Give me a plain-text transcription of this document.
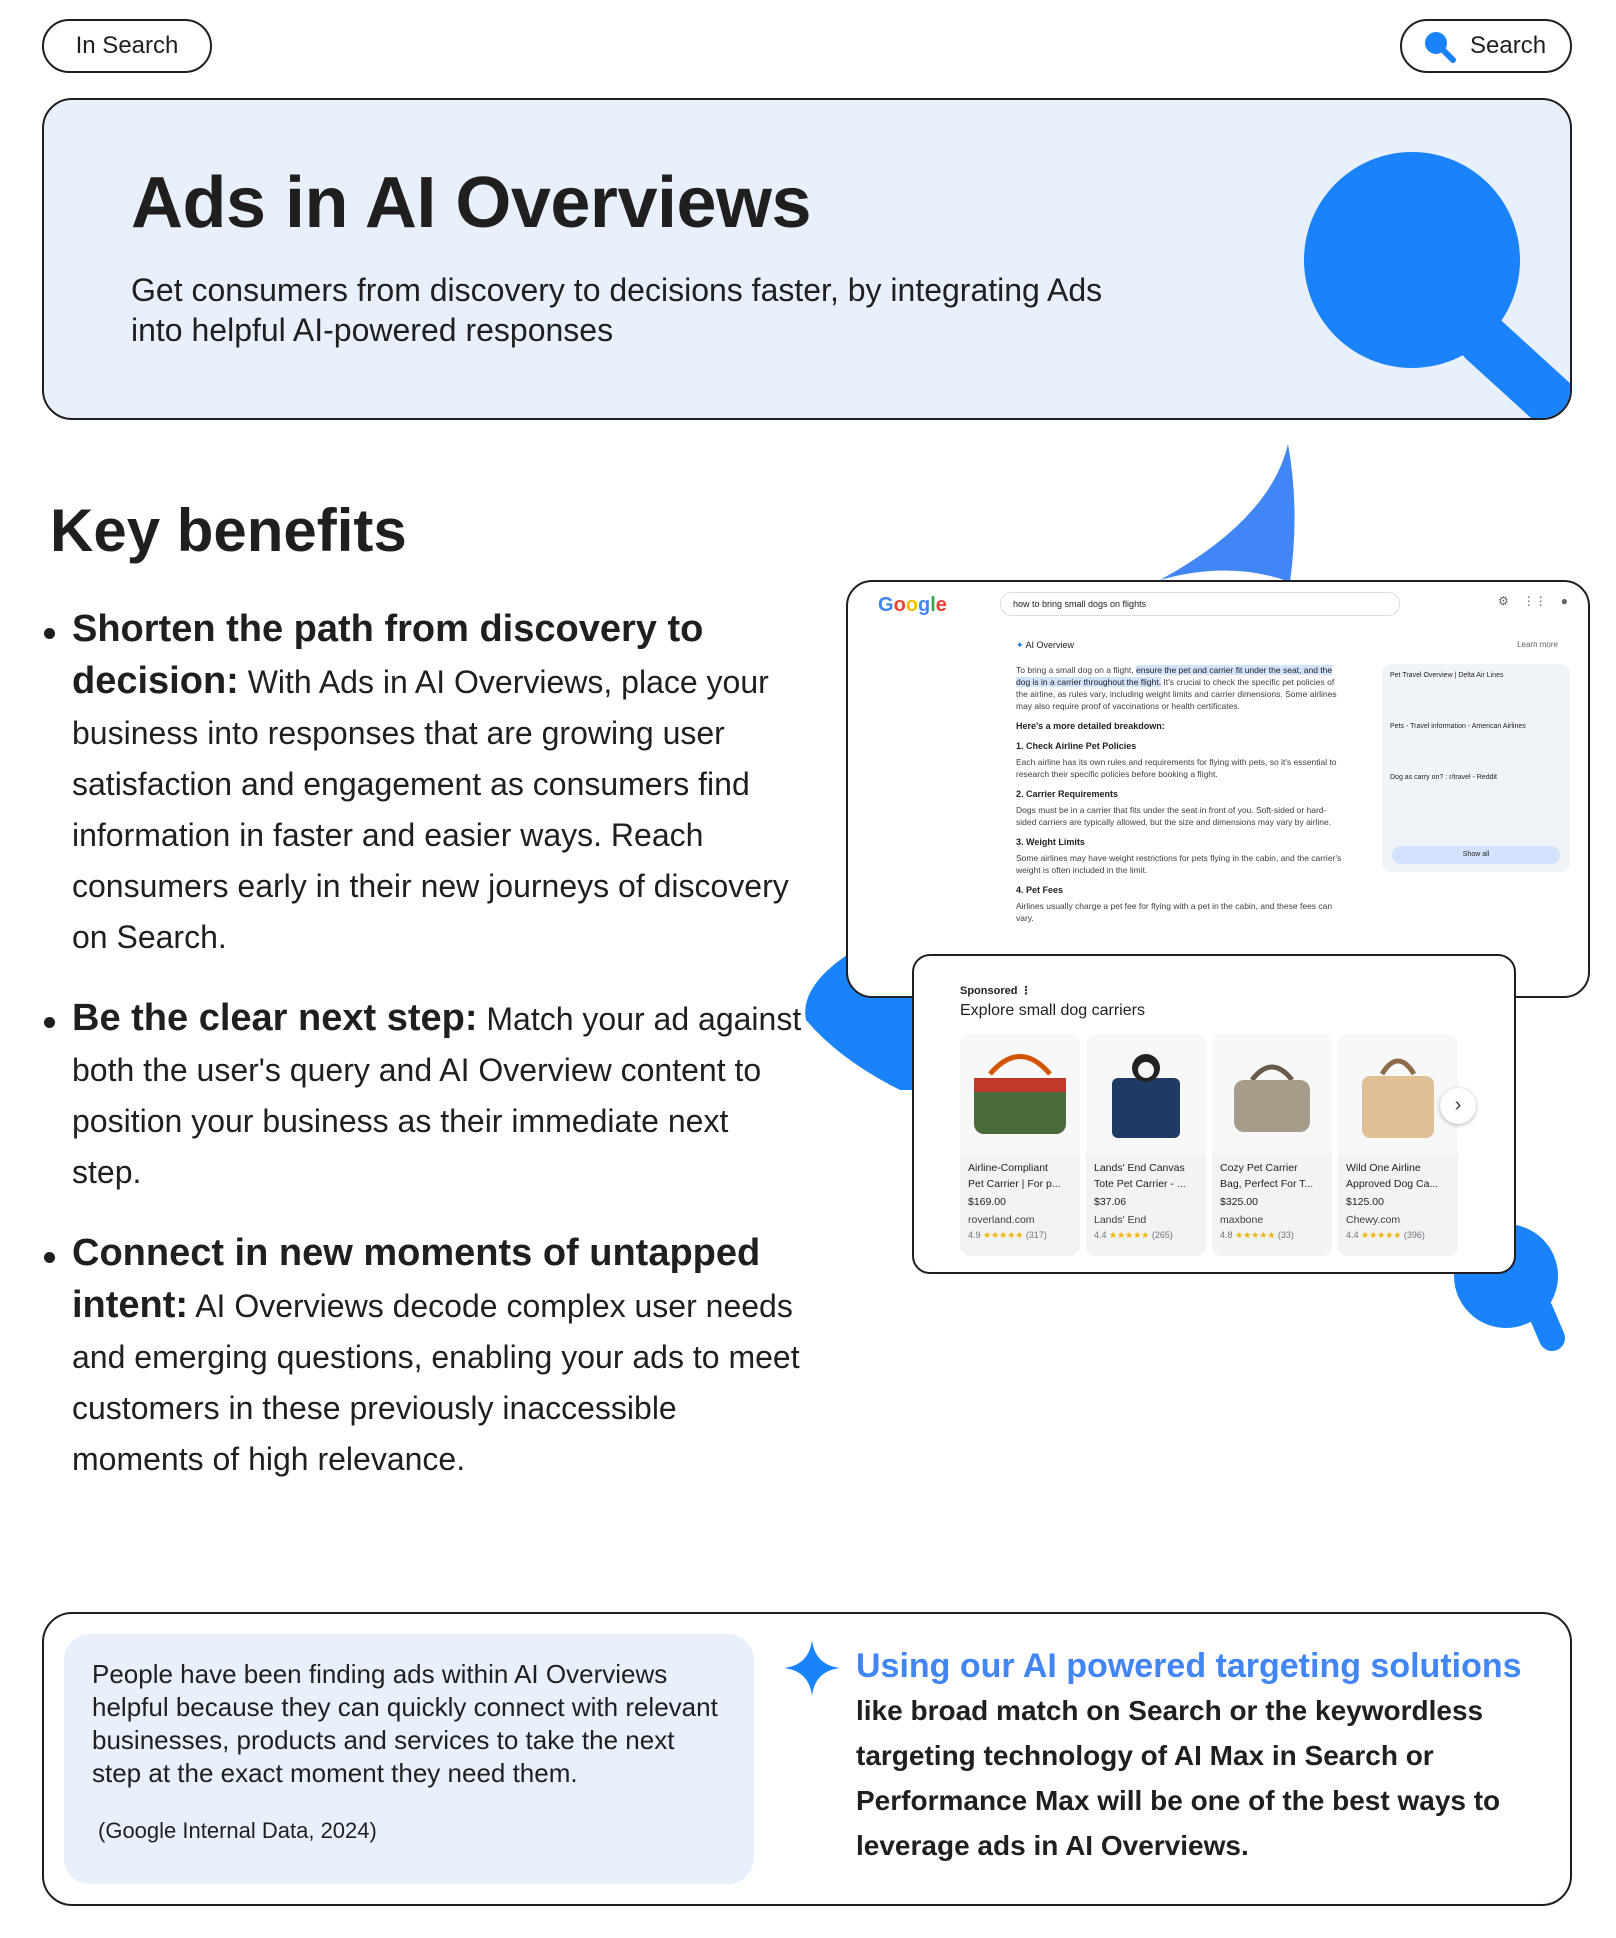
In Search	Search
Ads in AI Overviews

Get consumers from discovery to decisions faster, by integrating Ads into helpful AI-powered responses

Key benefits
Shorten the path from discovery to decision: With Ads in AI Overviews, place your business into responses that are growing user satisfaction and engagement as consumers find information in faster and easier ways. Reach consumers early in their new journeys of discovery on Search.
Be the clear next step: Match your ad against both the user's query and AI Overview content to position your business as their immediate next step.
Connect in new moments of untapped intent: AI Overviews decode complex user needs and emerging questions, enabling your ads to meet customers in these previously inaccessible moments of high relevance.
Google	how to bring small dogs on flights	⚙ ⋮⋮ ●
✦ AI Overview	Learn more
To bring a small dog on a flight, ensure the pet and carrier fit under the seat, and the dog is in a carrier throughout the flight. It's crucial to check the specific pet policies of the airline, as rules vary, including weight limits and carrier dimensions. Some airlines may also require proof of vaccinations or health certificates.
Here's a more detailed breakdown:
1. Check Airline Pet Policies
Each airline has its own rules and requirements for flying with pets, so it's essential to research their specific policies before booking a flight.
2. Carrier Requirements
Dogs must be in a carrier that fits under the seat in front of you. Soft-sided or hard-sided carriers are typically allowed, but the size and dimensions may vary by airline.
3. Weight Limits
Some airlines may have weight restrictions for pets flying in the cabin, and the carrier's weight is often included in the limit.
4. Pet Fees
Airlines usually charge a pet fee for flying with a pet in the cabin, and these fees can vary.
Pet Travel Overview | Delta Air Lines
Pets - Travel information - American Airlines
Dog as carry on? : r/travel - Reddit
Show all
Sponsored ⋮
Explore small dog carriers
Airline-Compliant
Pet Carrier | For p...
$169.00
roverland.com
4.9 ★★★★★ (317)
Lands' End Canvas
Tote Pet Carrier - ...
$37.06
Lands' End
4.4 ★★★★★ (265)
Cozy Pet Carrier
Bag, Perfect For T...
$325.00
maxbone
4.8 ★★★★★ (33)
Wild One Airline
Approved Dog Ca...
$125.00
Chewy.com
4.4 ★★★★★ (396)
›

People have been finding ads within AI Overviews helpful because they can quickly connect with relevant businesses, products and services to take the next step at the exact moment they need them.

(Google Internal Data, 2024)

Using our AI powered targeting solutions
like broad match on Search or the keywordless targeting technology of AI Max in Search or Performance Max will be one of the best ways to leverage ads in AI Overviews.
